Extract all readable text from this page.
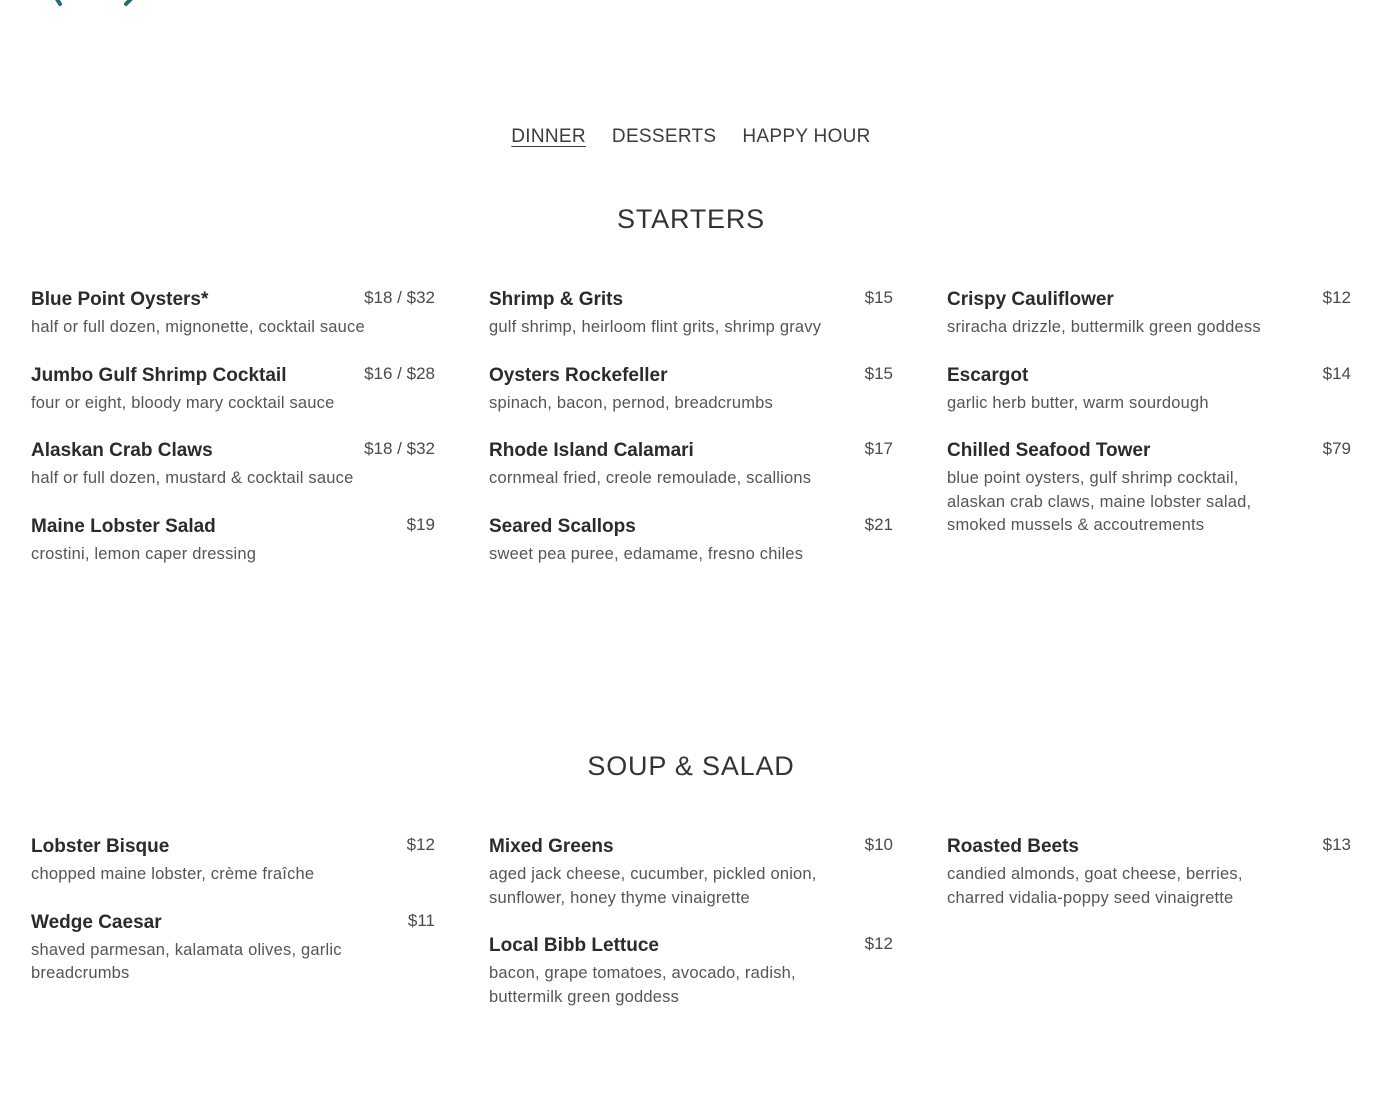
DINNER DESSERTS HAPPY HOUR
STARTERS
Blue Point Oysters*	$18 / $32
half or full dozen, mignonette, cocktail sauce
Jumbo Gulf Shrimp Cocktail	$16 / $28
four or eight, bloody mary cocktail sauce
Alaskan Crab Claws	$18 / $32
half or full dozen, mustard & cocktail sauce
Maine Lobster Salad	$19
crostini, lemon caper dressing
Shrimp & Grits	$15
gulf shrimp, heirloom flint grits, shrimp gravy
Oysters Rockefeller	$15
spinach, bacon, pernod, breadcrumbs
Rhode Island Calamari	$17
cornmeal fried, creole remoulade, scallions
Seared Scallops	$21
sweet pea puree, edamame, fresno chiles
Crispy Cauliflower	$12
sriracha drizzle, buttermilk green goddess
Escargot	$14
garlic herb butter, warm sourdough
Chilled Seafood Tower	$79
blue point oysters, gulf shrimp cocktail, alaskan crab claws, maine lobster salad, smoked mussels & accoutrements
SOUP & SALAD
Lobster Bisque	$12
chopped maine lobster, crème fraîche
Wedge Caesar	$11
shaved parmesan, kalamata olives, garlic breadcrumbs
Mixed Greens	$10
aged jack cheese, cucumber, pickled onion, sunflower, honey thyme vinaigrette
Local Bibb Lettuce	$12
bacon, grape tomatoes, avocado, radish, buttermilk green goddess
Roasted Beets	$13
candied almonds, goat cheese, berries, charred vidalia-poppy seed vinaigrette
